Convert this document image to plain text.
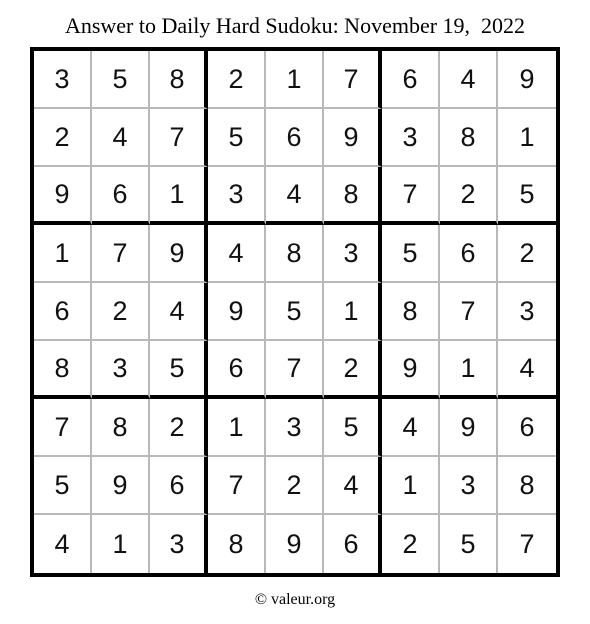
Answer to Daily Hard Sudoku: November 19,  2022
3	5	8	2	1	7	6	4	9
2	4	7	5	6	9	3	8	1
9	6	1	3	4	8	7	2	5
1	7	9	4	8	3	5	6	2
6	2	4	9	5	1	8	7	3
8	3	5	6	7	2	9	1	4
7	8	2	1	3	5	4	9	6
5	9	6	7	2	4	1	3	8
4	1	3	8	9	6	2	5	7
© valeur.org
